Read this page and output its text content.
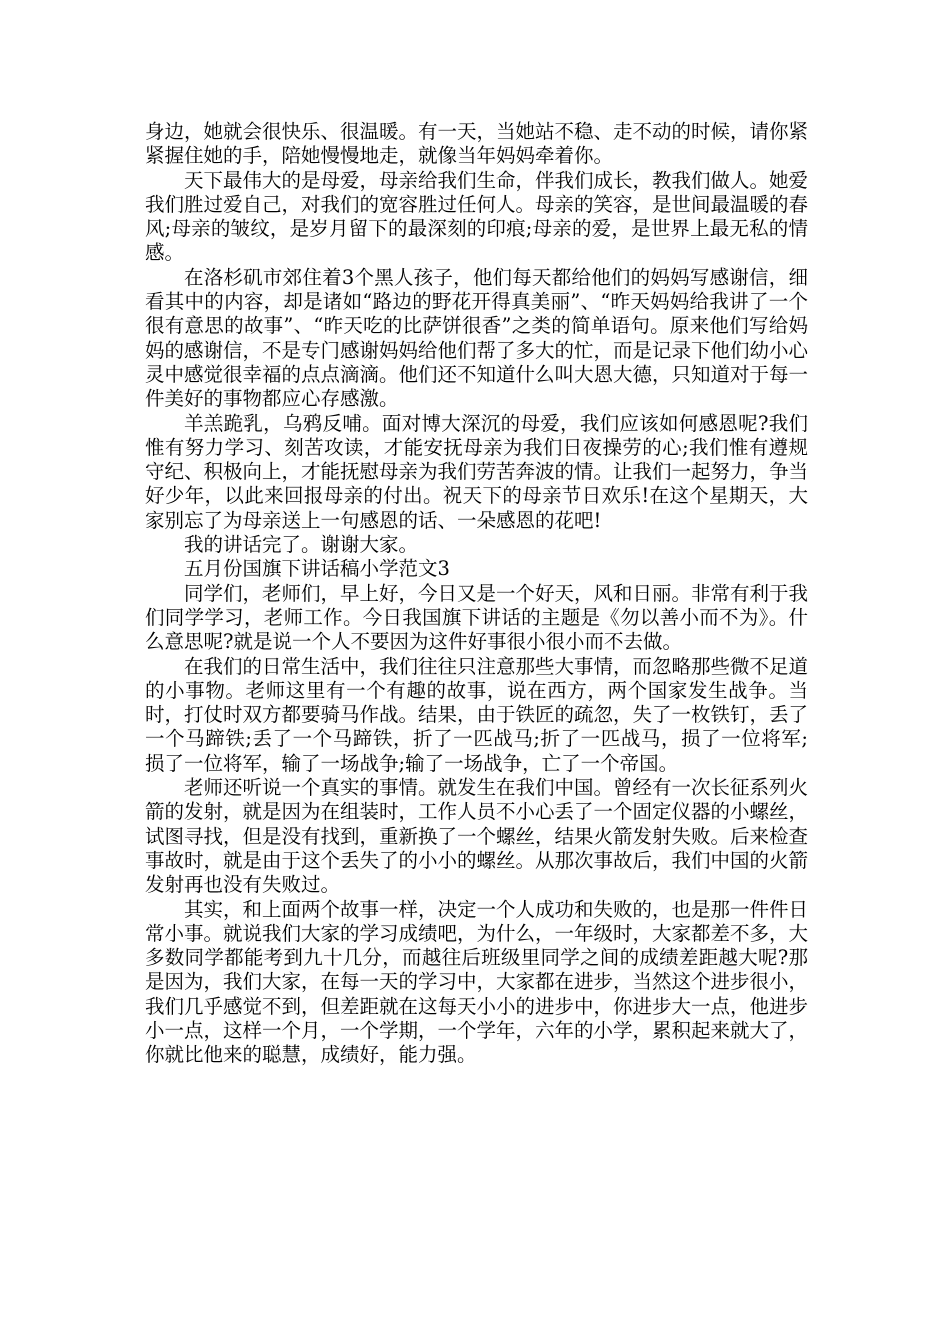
身边，她就会很快乐、很温暖。有一天，当她站不稳、走不动的时候，请你紧紧握住她的手，陪她慢慢地走，就像当年妈妈牵着你。

天下最伟大的是母爱，母亲给我们生命，伴我们成长，教我们做人。她爱我们胜过爱自己，对我们的宽容胜过任何人。母亲的笑容，是世间最温暖的春风;母亲的皱纹，是岁月留下的最深刻的印痕;母亲的爱，是世界上最无私的情感。

在洛杉矶市郊住着3个黑人孩子，他们每天都给他们的妈妈写感谢信，细看其中的内容，却是诸如“路边的野花开得真美丽”、“昨天妈妈给我讲了一个很有意思的故事”、“昨天吃的比萨饼很香”之类的简单语句。原来他们写给妈妈的感谢信，不是专门感谢妈妈给他们帮了多大的忙，而是记录下他们幼小心灵中感觉很幸福的点点滴滴。他们还不知道什么叫大恩大德，只知道对于每一件美好的事物都应心存感激。

羊羔跪乳，乌鸦反哺。面对博大深沉的母爱，我们应该如何感恩呢?我们惟有努力学习、刻苦攻读，才能安抚母亲为我们日夜操劳的心;我们惟有遵规守纪、积极向上，才能抚慰母亲为我们劳苦奔波的情。让我们一起努力，争当好少年，以此来回报母亲的付出。祝天下的母亲节日欢乐!在这个星期天，大家别忘了为母亲送上一句感恩的话、一朵感恩的花吧!

我的讲话完了。谢谢大家。

五月份国旗下讲话稿小学范文3

同学们，老师们，早上好，今日又是一个好天，风和日丽。非常有利于我们同学学习，老师工作。今日我国旗下讲话的主题是《勿以善小而不为》。什么意思呢?就是说一个人不要因为这件好事很小很小而不去做。

在我们的日常生活中，我们往往只注意那些大事情，而忽略那些微不足道的小事物。老师这里有一个有趣的故事，说在西方，两个国家发生战争。当时，打仗时双方都要骑马作战。结果，由于铁匠的疏忽，失了一枚铁钉，丢了一个马蹄铁;丢了一个马蹄铁，折了一匹战马;折了一匹战马，损了一位将军;损了一位将军，输了一场战争;输了一场战争，亡了一个帝国。

老师还听说一个真实的事情。就发生在我们中国。曾经有一次长征系列火箭的发射，就是因为在组装时，工作人员不小心丢了一个固定仪器的小螺丝，试图寻找，但是没有找到，重新换了一个螺丝，结果火箭发射失败。后来检查事故时，就是由于这个丢失了的小小的螺丝。从那次事故后，我们中国的火箭发射再也没有失败过。

其实，和上面两个故事一样，决定一个人成功和失败的，也是那一件件日常小事。就说我们大家的学习成绩吧，为什么，一年级时，大家都差不多，大多数同学都能考到九十几分，而越往后班级里同学之间的成绩差距越大呢?那是因为，我们大家，在每一天的学习中，大家都在进步，当然这个进步很小，我们几乎感觉不到，但差距就在这每天小小的进步中，你进步大一点，他进步小一点，这样一个月，一个学期，一个学年，六年的小学，累积起来就大了，你就比他来的聪慧，成绩好，能力强。
